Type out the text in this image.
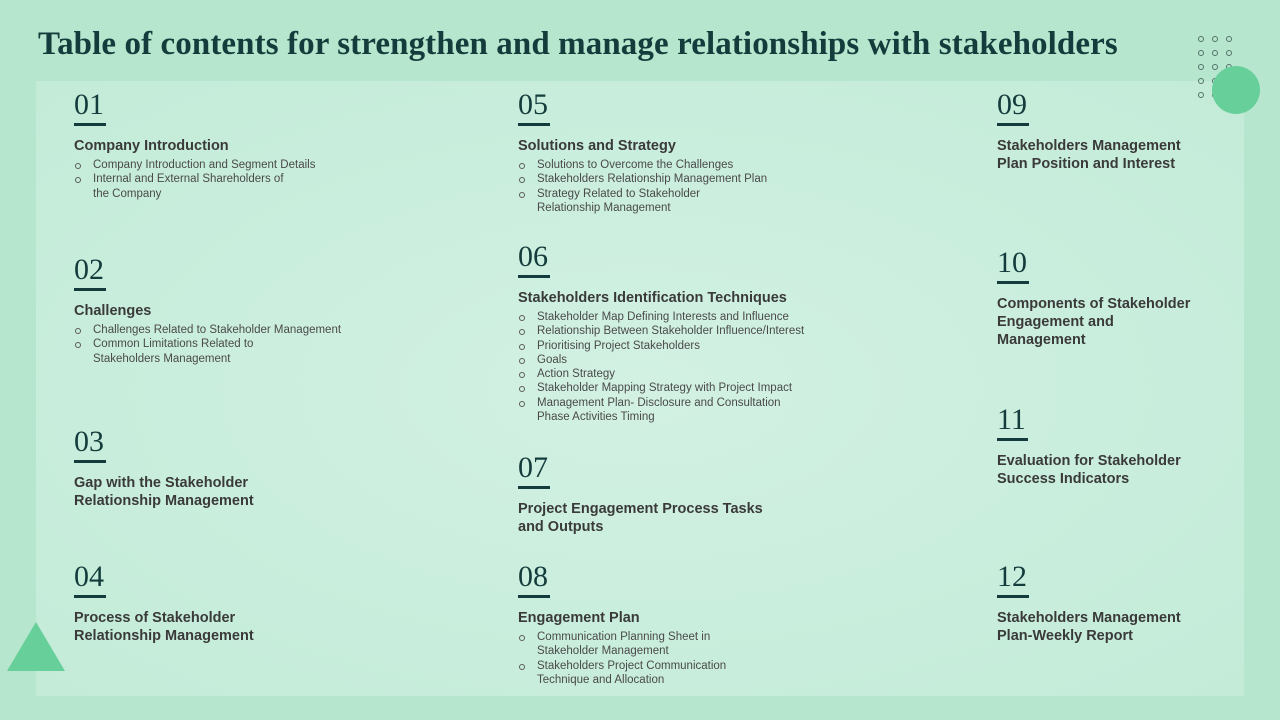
Table of contents for strengthen and manage relationships with stakeholders
01
Company Introduction
Company Introduction and Segment Details
Internal and External Shareholders of
the Company
02
Challenges
Challenges Related to Stakeholder Management
Common Limitations Related to
Stakeholders Management
03
Gap with the Stakeholder
Relationship Management
04
Process of Stakeholder
Relationship Management
05
Solutions and Strategy
Solutions to Overcome the Challenges
Stakeholders Relationship Management Plan
Strategy Related to Stakeholder
Relationship Management
06
Stakeholders Identification Techniques
Stakeholder Map Defining Interests and Influence
Relationship Between Stakeholder Influence/Interest
Prioritising Project Stakeholders
Goals
Action Strategy
Stakeholder Mapping Strategy with Project Impact
Management Plan- Disclosure and Consultation
Phase Activities Timing
07
Project Engagement Process Tasks
and Outputs
08
Engagement Plan
Communication Planning Sheet in
Stakeholder Management
Stakeholders Project Communication
Technique and Allocation
09
Stakeholders Management
Plan Position and Interest
10
Components of Stakeholder
Engagement and
Management
11
Evaluation for Stakeholder
Success Indicators
12
Stakeholders Management
Plan-Weekly Report
